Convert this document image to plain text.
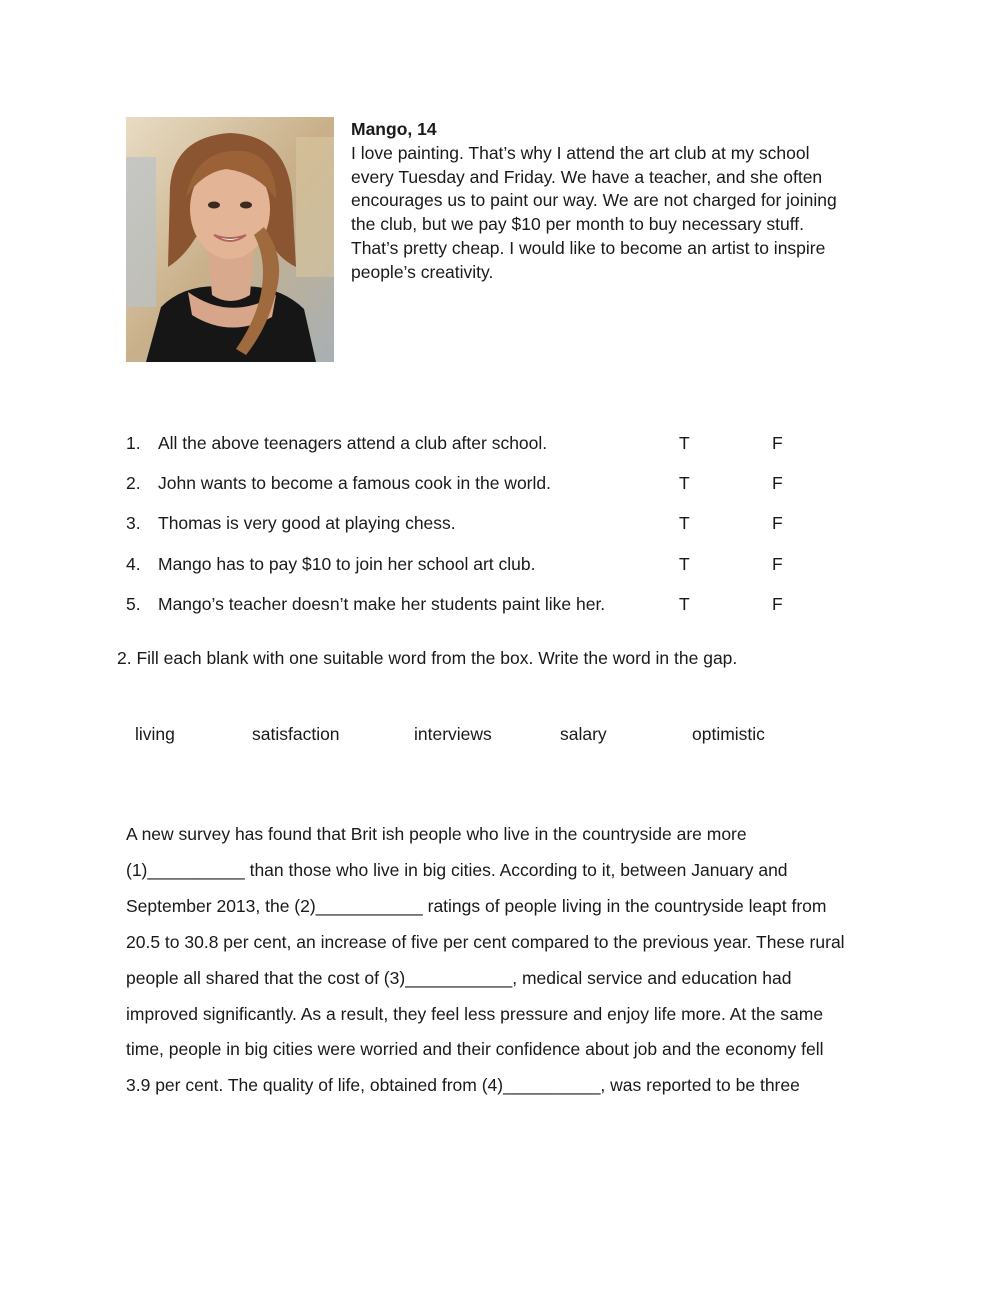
Mango, 14
I love painting. That’s why I attend the art club at my school
every Tuesday and Friday. We have a teacher, and she often
encourages us to paint our way. We are not charged for joining
the club, but we pay $10 per month to buy necessary stuff.
That’s pretty cheap. I would like to become an artist to inspire
people’s creativity.
1. All the above teenagers attend a club after school.	T	F
2. John wants to become a famous cook in the world.	T	F
3. Thomas is very good at playing chess.	T	F
4. Mango has to pay $10 to join her school art club.	T	F
5. Mango’s teacher doesn’t make her students paint like her.	T	F
2. Fill each blank with one suitable word from the box. Write the word in the gap.
living	satisfaction	interviews	salary	optimistic
A new survey has found that Brit ish people who live in the countryside are more
(1)__________ than those who live in big cities. According to it, between January and
September 2013, the (2)___________ ratings of people living in the countryside leapt from
20.5 to 30.8 per cent, an increase of five per cent compared to the previous year. These rural
people all shared that the cost of (3)___________, medical service and education had
improved significantly. As a result, they feel less pressure and enjoy life more. At the same
time, people in big cities were worried and their confidence about job and the economy fell
3.9 per cent. The quality of life, obtained from (4)__________, was reported to be three
